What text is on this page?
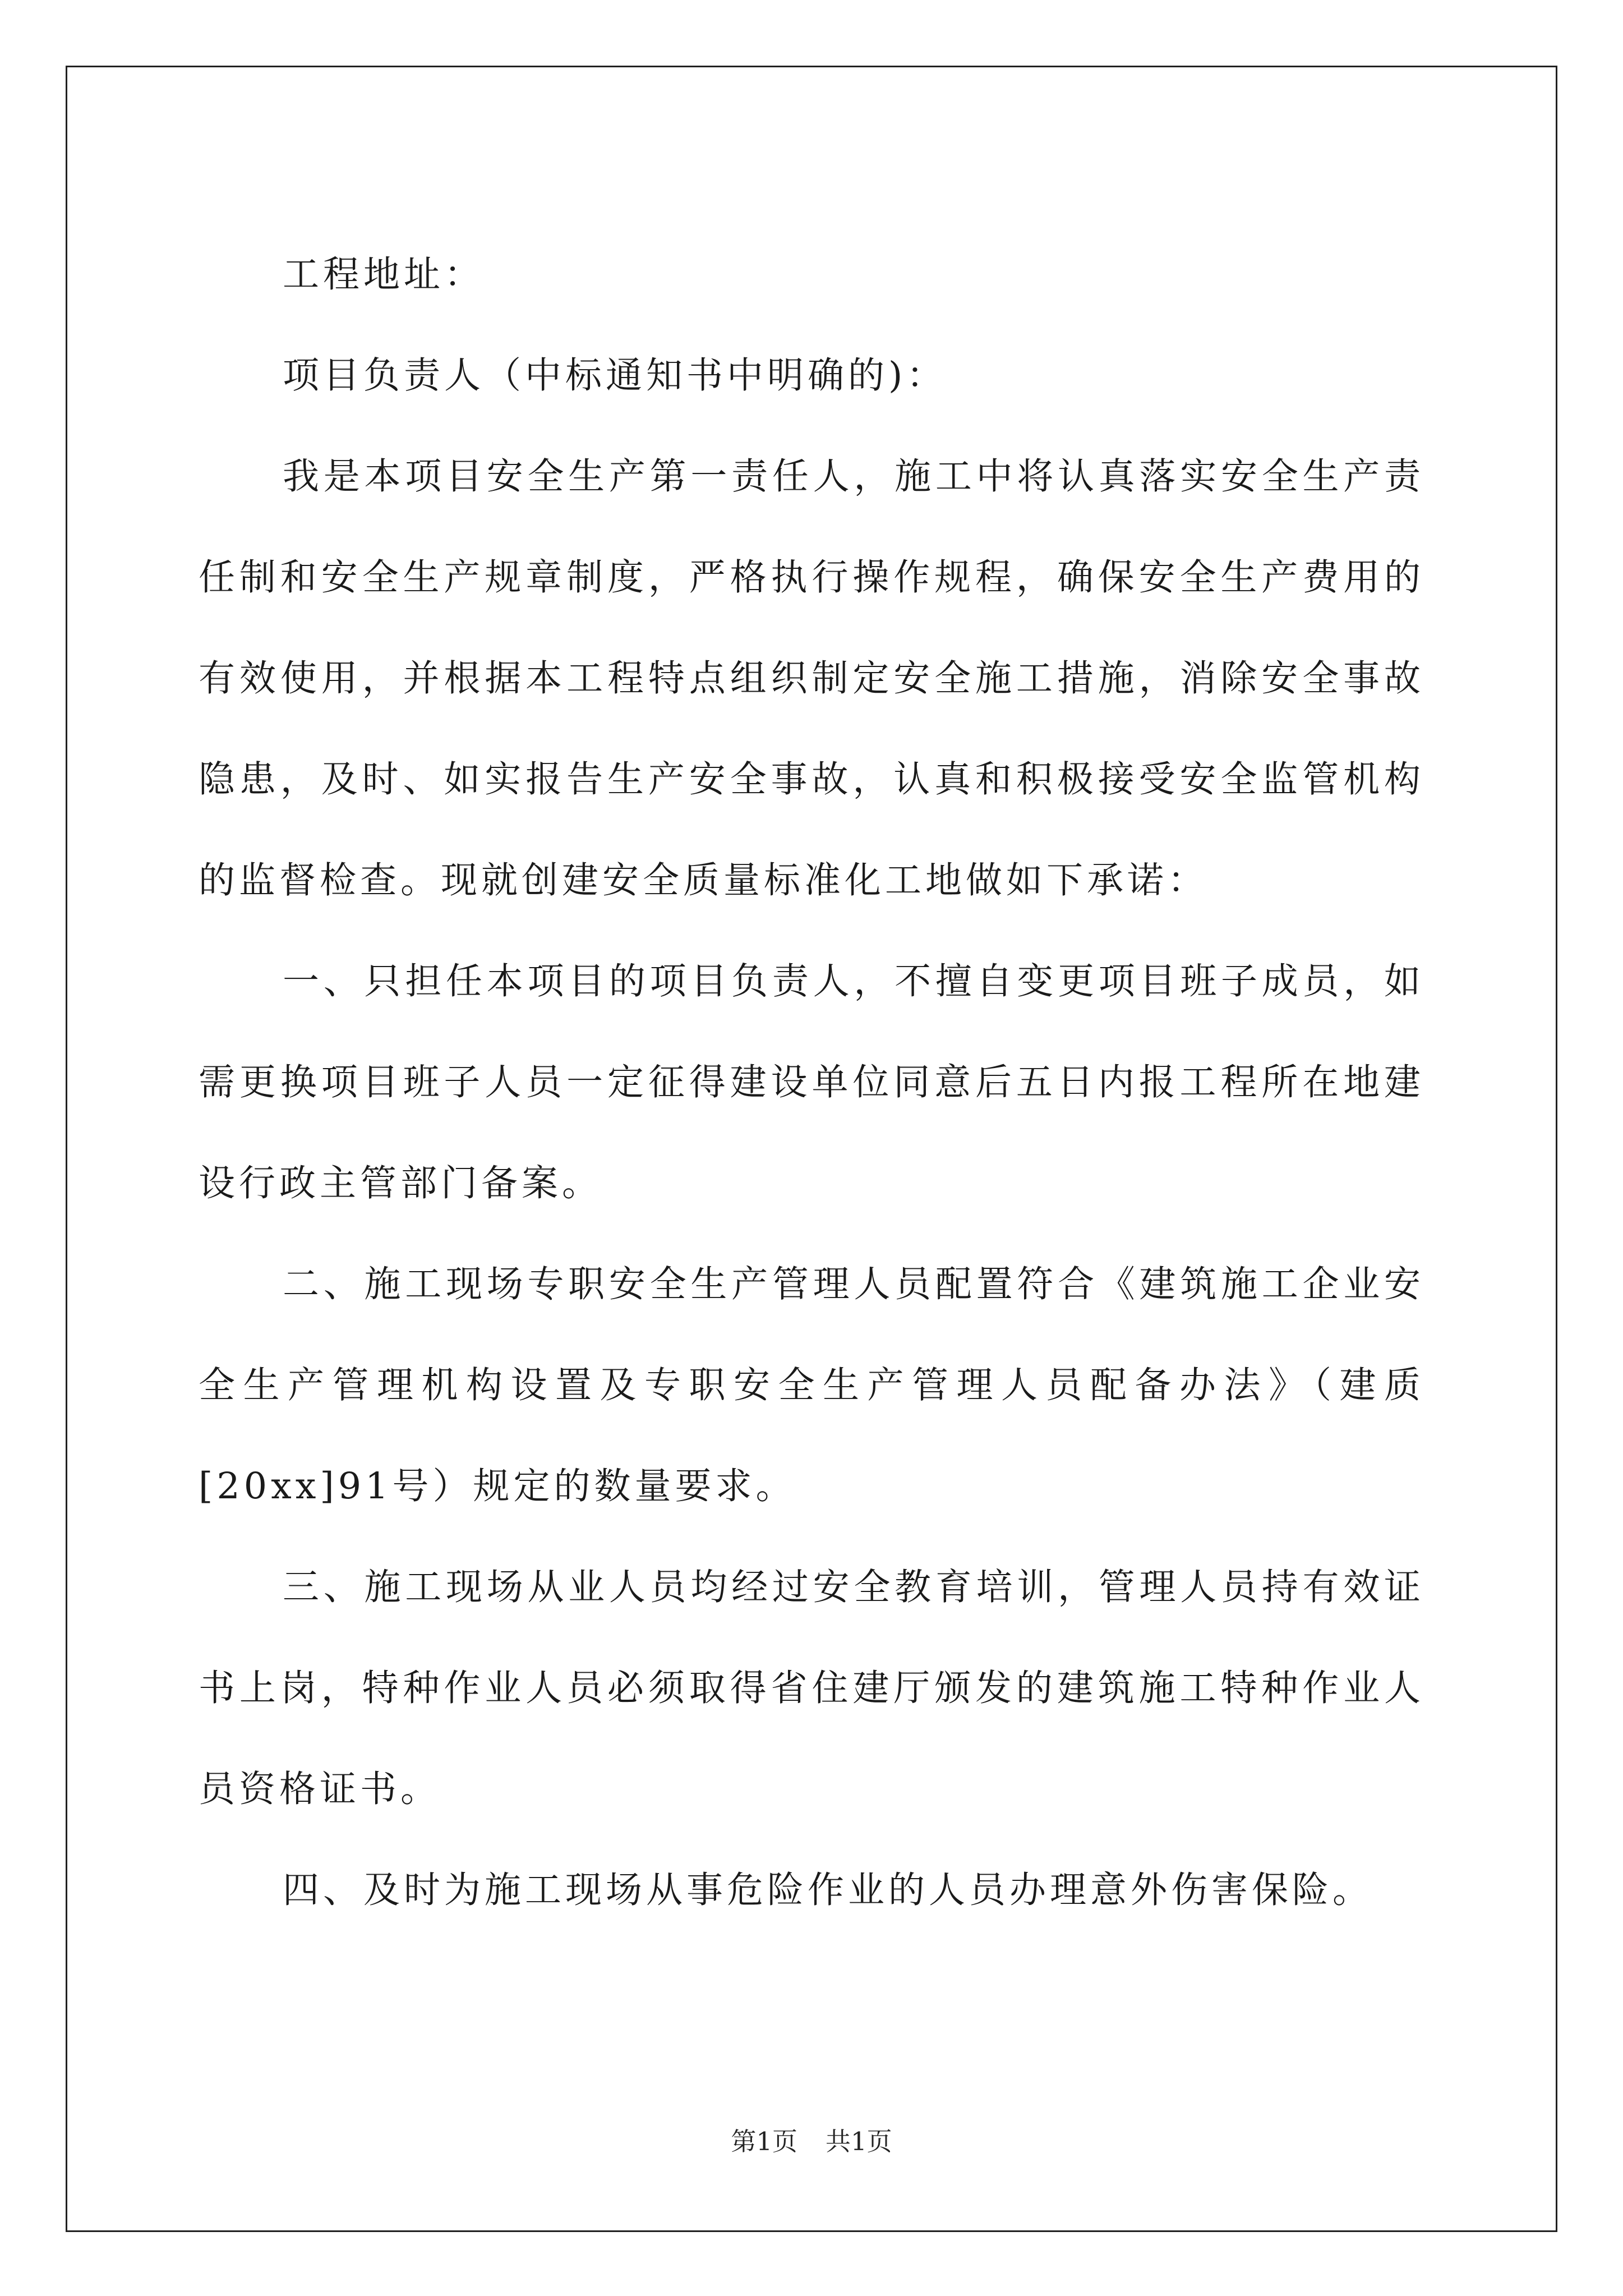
工程地址：

项目负责人（中标通知书中明确的)：

我是本项目安全生产第一责任人，施工中将认真落实安全生产责任制和安全生产规章制度，严格执行操作规程，确保安全生产费用的有效使用，并根据本工程特点组织制定安全施工措施，消除安全事故隐患，及时、如实报告生产安全事故，认真和积极接受安全监管机构的监督检查。现就创建安全质量标准化工地做如下承诺：

一、只担任本项目的项目负责人，不擅自变更项目班子成员，如需更换项目班子人员一定征得建设单位同意后五日内报工程所在地建设行政主管部门备案。

二、施工现场专职安全生产管理人员配置符合《建筑施工企业安全生产管理机构设置及专职安全生产管理人员配备办法》（建质[20xx]91号）规定的数量要求。

三、施工现场从业人员均经过安全教育培训，管理人员持有效证书上岗，特种作业人员必须取得省住建厅颁发的建筑施工特种作业人员资格证书。

四、及时为施工现场从事危险作业的人员办理意外伤害保险。

第1页 共1页
